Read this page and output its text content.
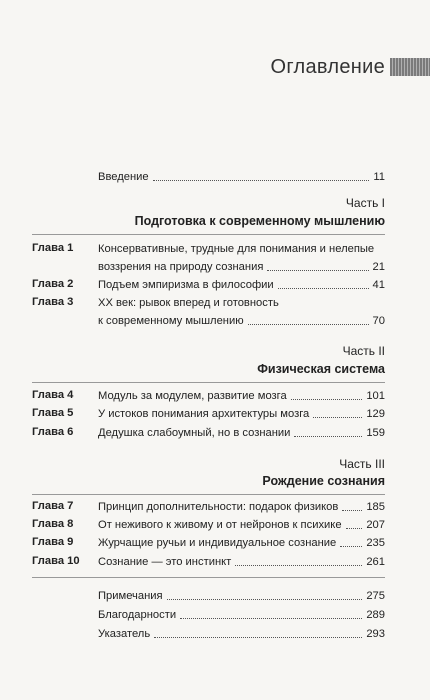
Оглавление
Введение	11
Часть I
Подготовка к современному мышлению
Глава 1 Консервативные, трудные для понимания и нелепые
воззрения на природу сознания	21
Глава 2 Подъем эмпиризма в философии	41
Глава 3 XX век: рывок вперед и готовность
к современному мышлению	70
Часть II
Физическая система
Глава 4 Модуль за модулем, развитие мозга	101
Глава 5 У истоков понимания архитектуры мозга	129
Глава 6 Дедушка слабоумный, но в сознании	159
Часть III
Рождение сознания
Глава 7 Принцип дополнительности: подарок физиков	185
Глава 8 От неживого к живому и от нейронов к психике 207
Глава 9 Журчащие ручьи и индивидуальное сознание	235
Глава 10 Сознание — это инстинкт	261
Примечания	275
Благодарности	289
Указатель	293
